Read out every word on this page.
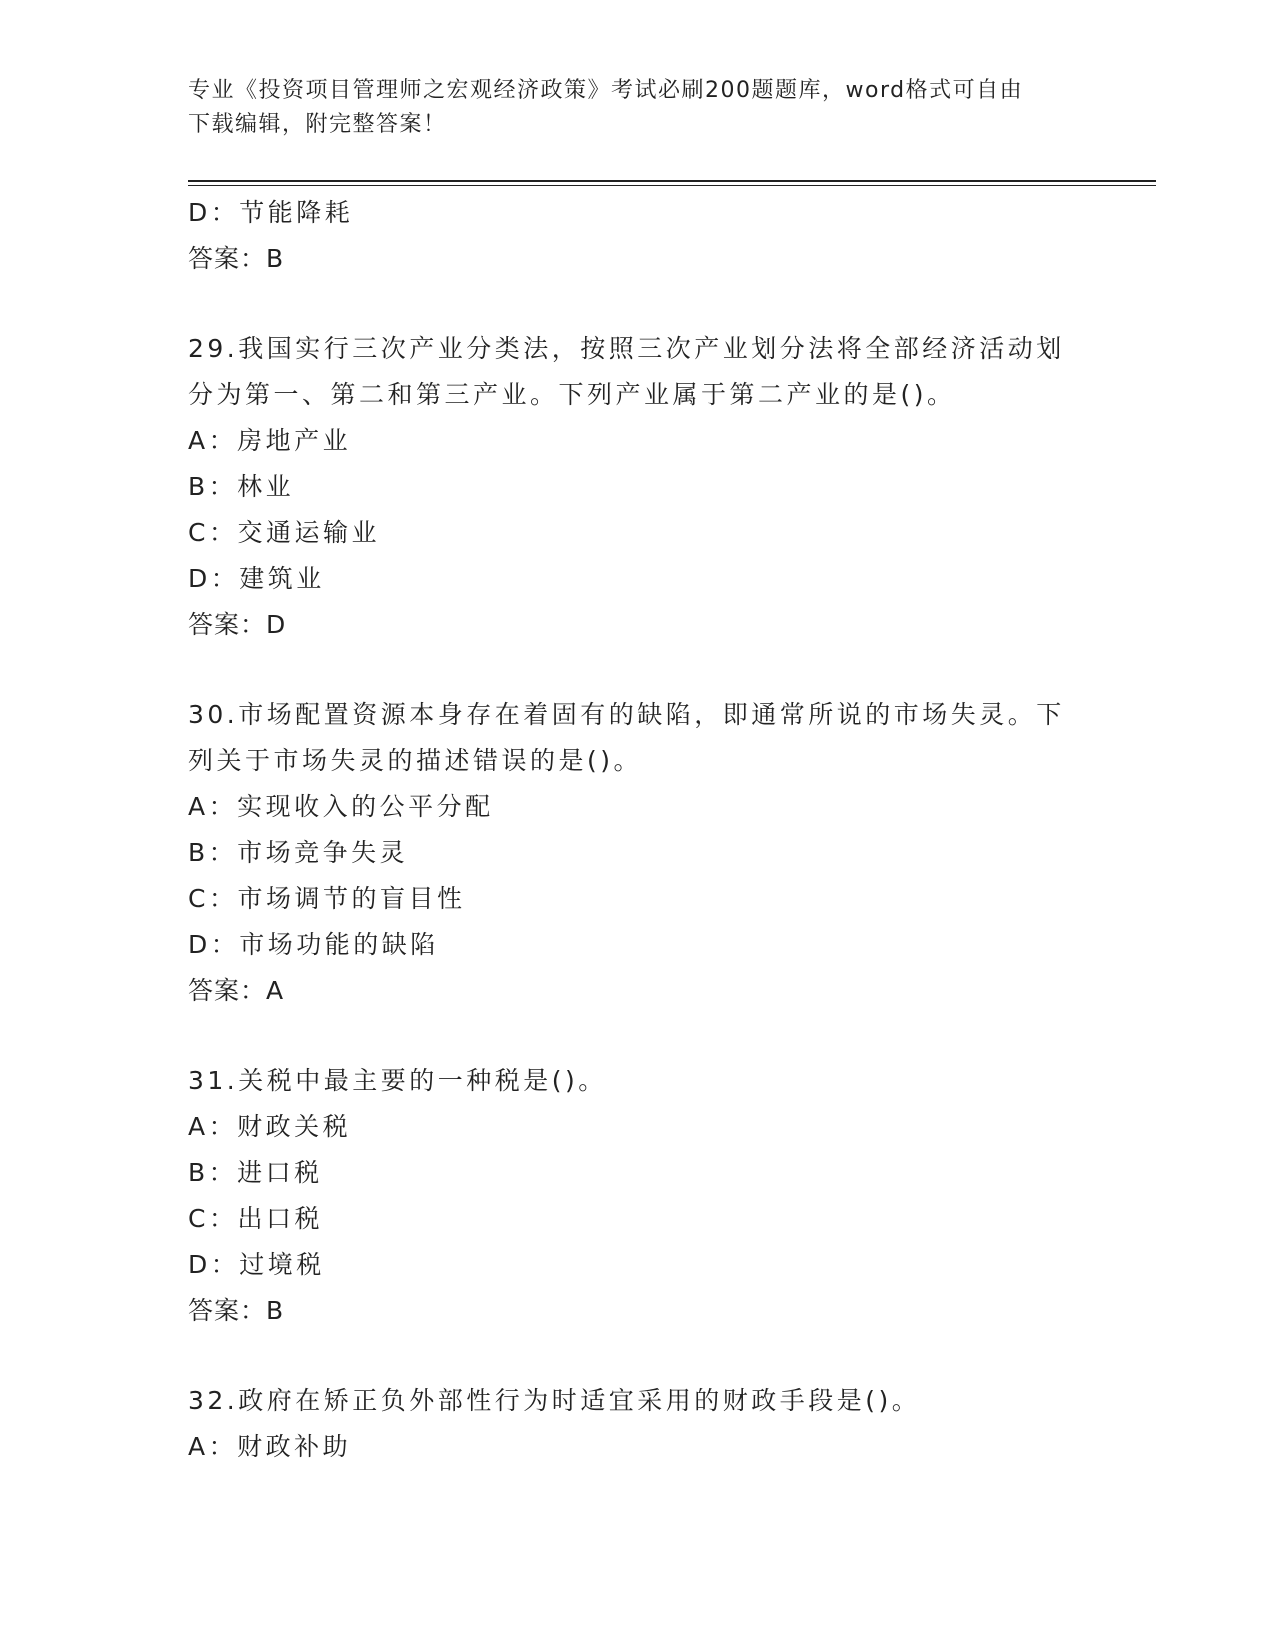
专业《投资项目管理师之宏观经济政策》考试必刷200题题库，word格式可自由
下载编辑，附完整答案！
D：节能降耗
答案：B
29.我国实行三次产业分类法，按照三次产业划分法将全部经济活动划
分为第一、第二和第三产业。下列产业属于第二产业的是()。
A：房地产业
B：林业
C：交通运输业
D：建筑业
答案：D
30.市场配置资源本身存在着固有的缺陷，即通常所说的市场失灵。下
列关于市场失灵的描述错误的是()。
A：实现收入的公平分配
B：市场竞争失灵
C：市场调节的盲目性
D：市场功能的缺陷
答案：A
31.关税中最主要的一种税是()。
A：财政关税
B：进口税
C：出口税
D：过境税
答案：B
32.政府在矫正负外部性行为时适宜采用的财政手段是()。
A：财政补助
